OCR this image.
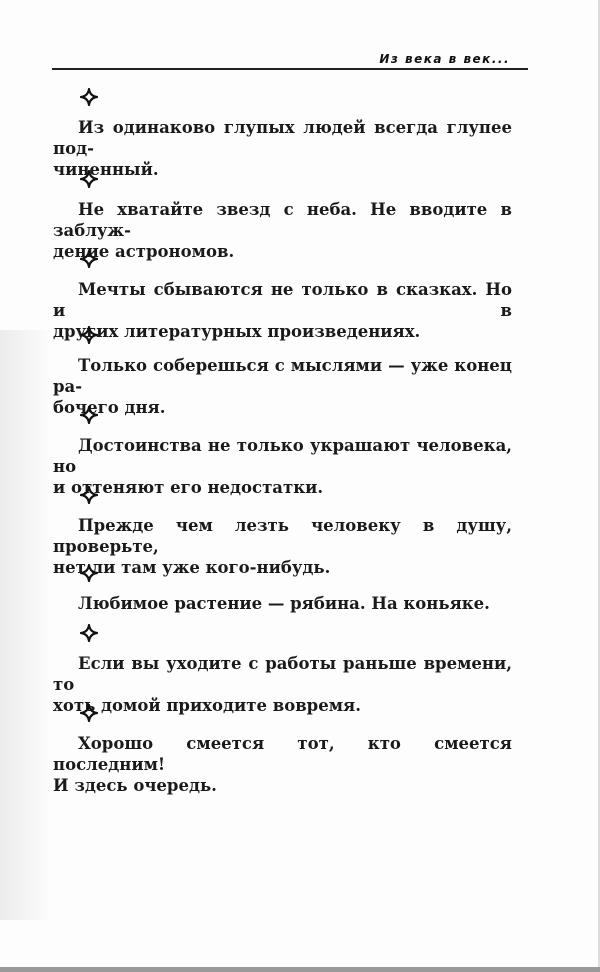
Из века в век...
Из одинаково глупых людей всегда глупее под-
чиненный.
Не хватайте звезд с неба. Не вводите в заблуж-
дение астрономов.
Мечты сбываются не только в сказках. Но и в
других литературных произведениях.
Только соберешься с мыслями — уже конец ра-
бочего дня.
Достоинства не только украшают человека, но
и оттеняют его недостатки.
Прежде чем лезть человеку в душу, проверьте,
нет ли там уже кого-нибудь.
Любимое растение — рябина. На коньяке.
Если вы уходите с работы раньше времени, то
хоть домой приходите вовремя.
Хорошо смеется тот, кто смеется последним!
И здесь очередь.
